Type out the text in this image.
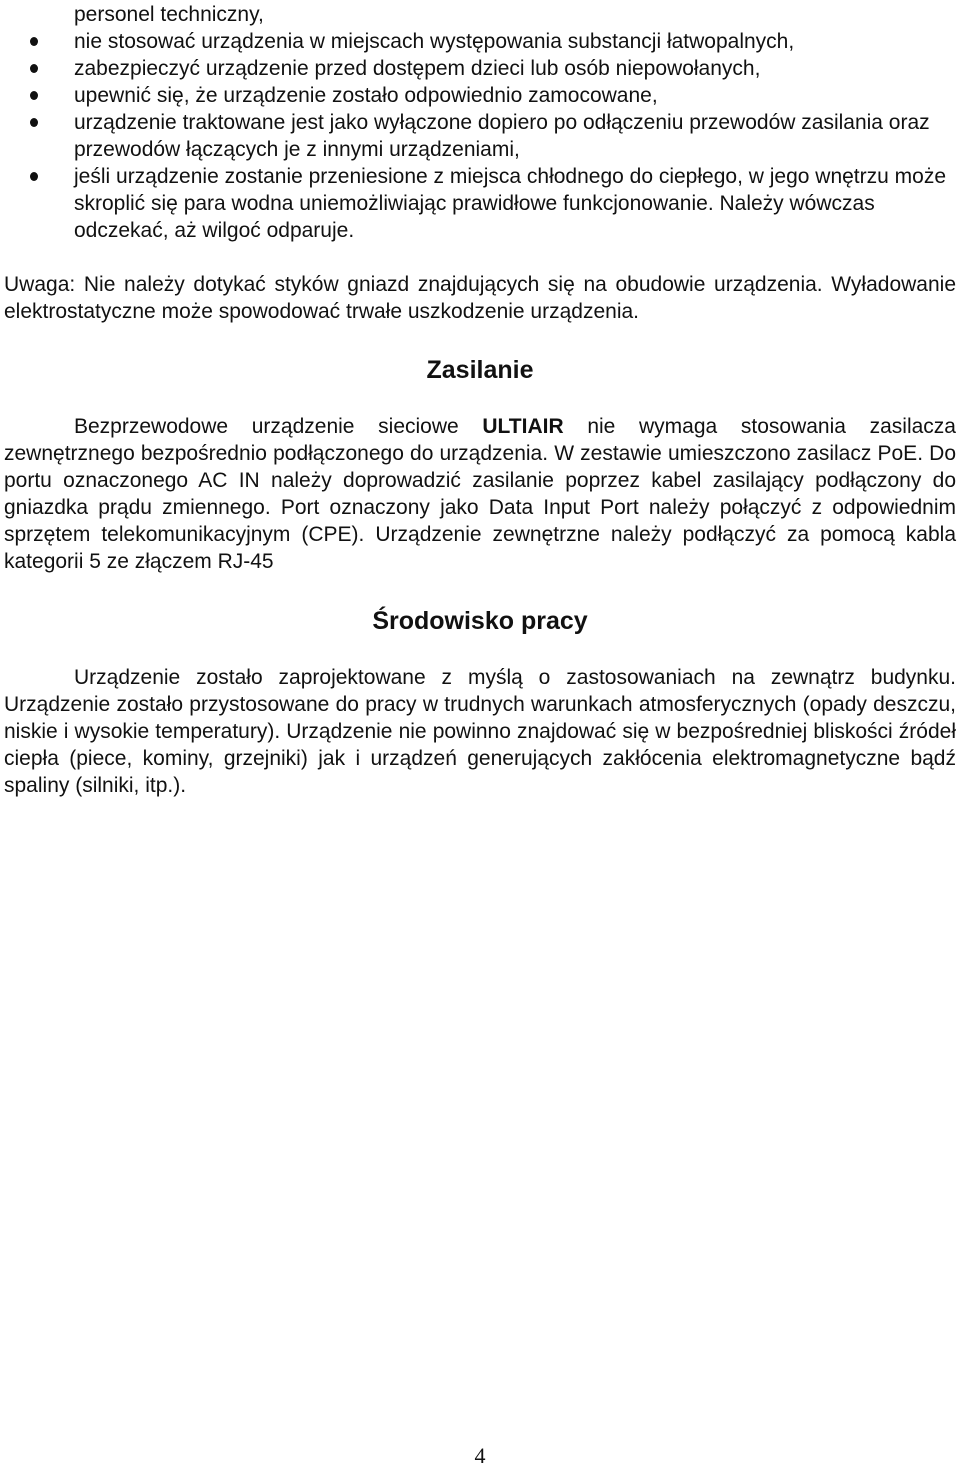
personel techniczny,

nie stosować urządzenia w miejscach występowania substancji łatwopalnych,
zabezpieczyć urządzenie przed dostępem dzieci lub osób niepowołanych,
upewnić się, że urządzenie zostało odpowiednio zamocowane,
urządzenie traktowane jest jako wyłączone dopiero po odłączeniu przewodów zasilania oraz przewodów łączących je z innymi urządzeniami,
jeśli urządzenie zostanie przeniesione z miejsca chłodnego do ciepłego, w jego wnętrzu może skroplić się para wodna uniemożliwiając prawidłowe funkcjonowanie. Należy wówczas odczekać, aż wilgoć odparuje.

Uwaga: Nie należy dotykać styków gniazd znajdujących się na obudowie urządzenia. Wyładowanie elektrostatyczne może spowodować trwałe uszkodzenie urządzenia.

Zasilanie

Bezprzewodowe urządzenie sieciowe ULTIAIR nie wymaga stosowania zasilacza zewnętrznego bezpośrednio podłączonego do urządzenia. W zestawie umieszczono zasilacz PoE. Do portu oznaczonego AC IN należy doprowadzić zasilanie poprzez kabel zasilający podłączony do gniazdka prądu zmiennego. Port oznaczony jako Data Input Port należy połączyć z odpowiednim sprzętem telekomunikacyjnym (CPE). Urządzenie zewnętrzne należy podłączyć za pomocą kabla kategorii 5 ze złączem RJ-45

Środowisko pracy

Urządzenie zostało zaprojektowane z myślą o zastosowaniach na zewnątrz budynku. Urządzenie zostało przystosowane do pracy w trudnych warunkach atmosferycznych (opady deszczu, niskie i wysokie temperatury). Urządzenie nie powinno znajdować się w bezpośredniej bliskości źródeł ciepła (piece, kominy, grzejniki) jak i urządzeń generujących zakłócenia elektromagnetyczne bądź spaliny (silniki, itp.).

4
